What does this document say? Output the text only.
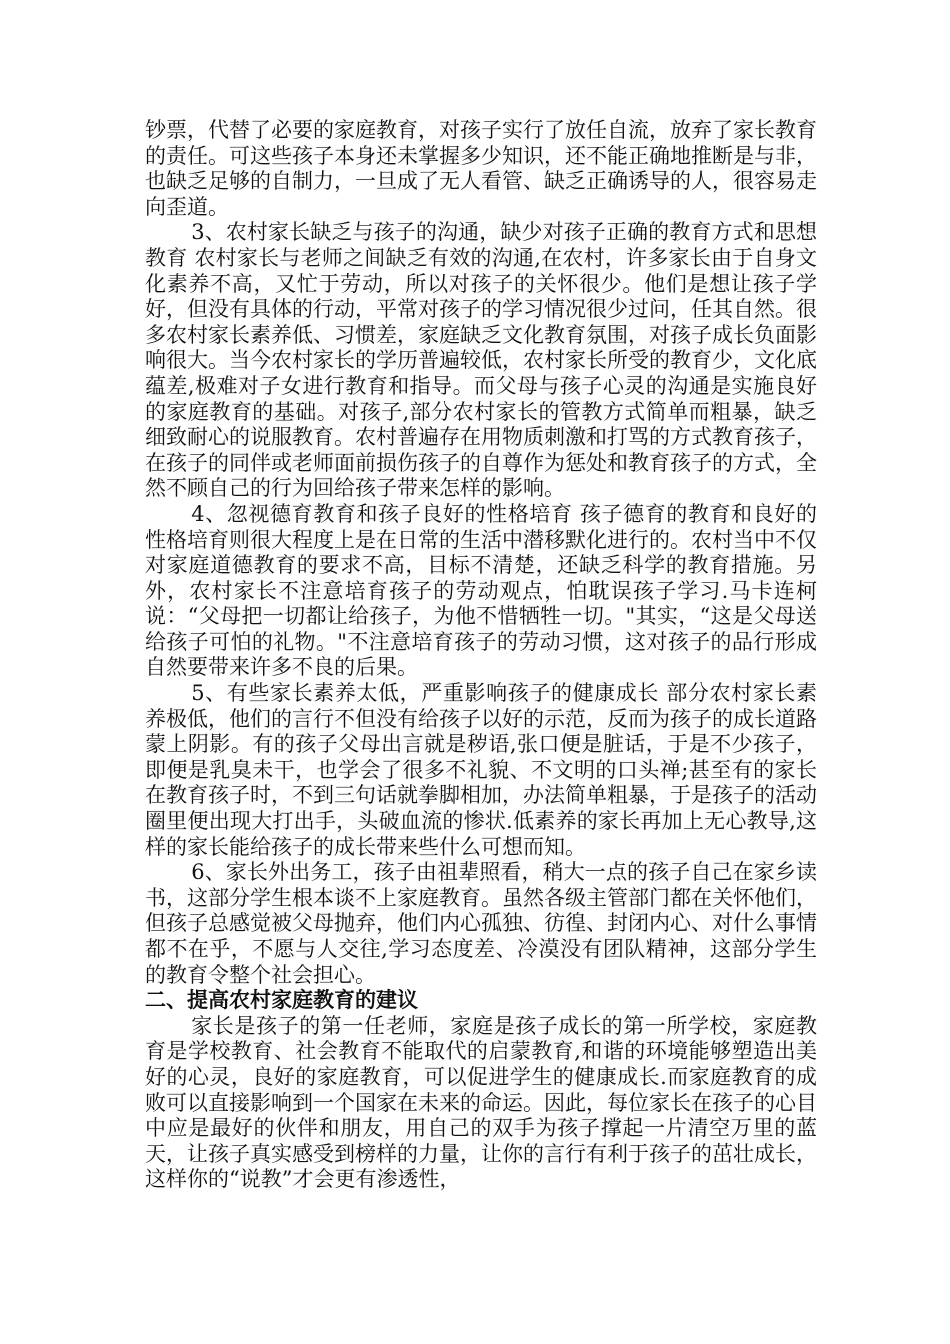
钞票，代替了必要的家庭教育，对孩子实行了放任自流，放弃了家长教育的责任。可这些孩子本身还未掌握多少知识，还不能正确地推断是与非，也缺乏足够的自制力，一旦成了无人看管、缺乏正确诱导的人，很容易走向歪道。

3、农村家长缺乏与孩子的沟通，缺少对孩子正确的教育方式和思想教育 农村家长与老师之间缺乏有效的沟通,在农村，许多家长由于自身文化素养不高，又忙于劳动，所以对孩子的关怀很少。他们是想让孩子学好，但没有具体的行动，平常对孩子的学习情况很少过问，任其自然。很多农村家长素养低、习惯差，家庭缺乏文化教育氛围，对孩子成长负面影响很大。当今农村家长的学历普遍较低，农村家长所受的教育少，文化底蕴差,极难对子女进行教育和指导。而父母与孩子心灵的沟通是实施良好的家庭教育的基础。对孩子,部分农村家长的管教方式简单而粗暴，缺乏细致耐心的说服教育。农村普遍存在用物质刺激和打骂的方式教育孩子，在孩子的同伴或老师面前损伤孩子的自尊作为惩处和教育孩子的方式，全然不顾自己的行为回给孩子带来怎样的影响。

4、忽视德育教育和孩子良好的性格培育 孩子德育的教育和良好的性格培育则很大程度上是在日常的生活中潜移默化进行的。农村当中不仅对家庭道德教育的要求不高，目标不清楚，还缺乏科学的教育措施。另外，农村家长不注意培育孩子的劳动观点，怕耽误孩子学习.马卡连柯说：“父母把一切都让给孩子，为他不惜牺牲一切。"其实，“这是父母送给孩子可怕的礼物。"不注意培育孩子的劳动习惯，这对孩子的品行形成自然要带来许多不良的后果。

5、有些家长素养太低，严重影响孩子的健康成长 部分农村家长素养极低，他们的言行不但没有给孩子以好的示范，反而为孩子的成长道路蒙上阴影。有的孩子父母出言就是秽语,张口便是脏话，于是不少孩子，即便是乳臭未干，也学会了很多不礼貌、不文明的口头禅;甚至有的家长在教育孩子时，不到三句话就拳脚相加，办法简单粗暴，于是孩子的活动圈里便出现大打出手，头破血流的惨状.低素养的家长再加上无心教导,这样的家长能给孩子的成长带来些什么可想而知。

6、家长外出务工，孩子由祖辈照看，稍大一点的孩子自己在家乡读书，这部分学生根本谈不上家庭教育。虽然各级主管部门都在关怀他们，但孩子总感觉被父母抛弃，他们内心孤独、彷徨、封闭内心、对什么事情都不在乎，不愿与人交往,学习态度差、冷漠没有团队精神，这部分学生的教育令整个社会担心。

二、提高农村家庭教育的建议

家长是孩子的第一任老师，家庭是孩子成长的第一所学校，家庭教育是学校教育、社会教育不能取代的启蒙教育,和谐的环境能够塑造出美好的心灵，良好的家庭教育，可以促进学生的健康成长.而家庭教育的成败可以直接影响到一个国家在未来的命运。因此，每位家长在孩子的心目中应是最好的伙伴和朋友，用自己的双手为孩子撑起一片清空万里的蓝天，让孩子真实感受到榜样的力量，让你的言行有利于孩子的茁壮成长，这样你的“说教”才会更有渗透性，
